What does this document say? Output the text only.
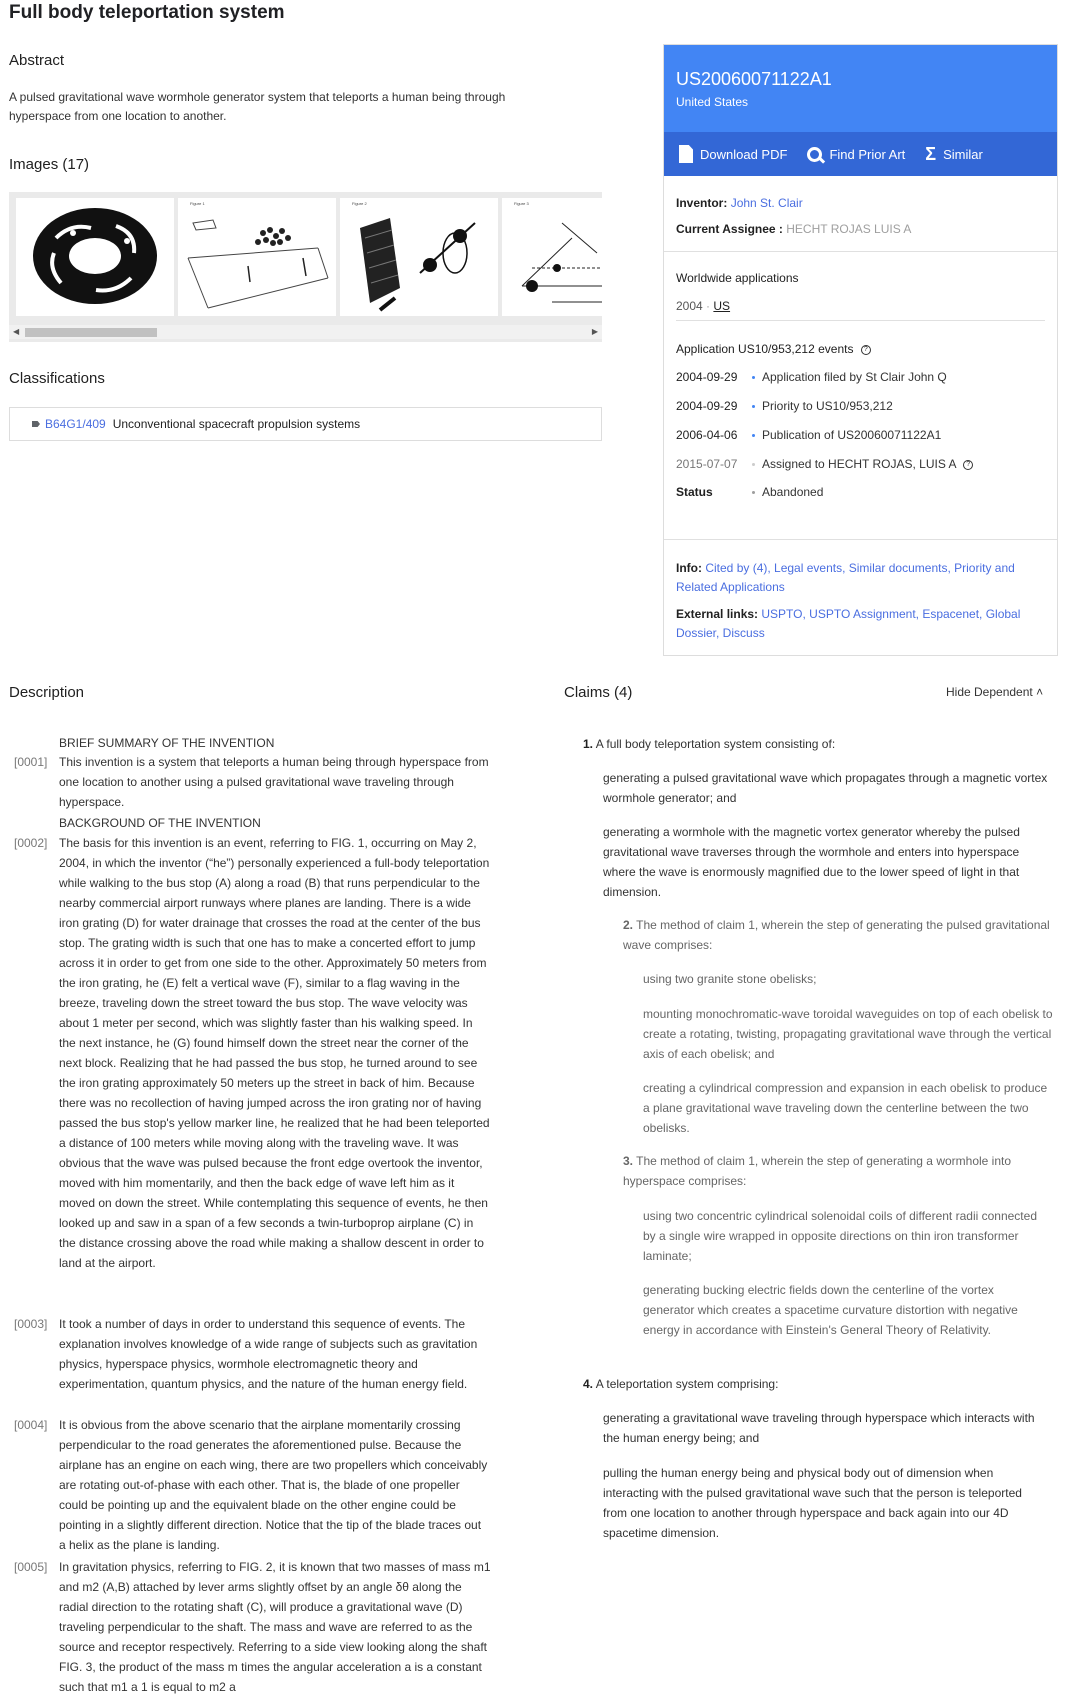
Full body teleportation system
Abstract
A pulsed gravitational wave wormhole generator system that teleports a human being through hyperspace from one location to another.
Images (17)
Figure 1	Figure 2	Figure 3
◀	▶
Classifications
B64G1/409 Unconventional spacecraft propulsion systems
US20060071122A1
United States
Download PDF	Find Prior Art Σ Similar
Inventor: John St. Clair
Current Assignee : HECHT ROJAS LUIS A
Worldwide applications
2004 · US
Application US10/953,212 events ?
2004-09-29 Application filed by St Clair John Q
2004-09-29 Priority to US10/953,212
2006-04-06 Publication of US20060071122A1
2015-07-07 Assigned to HECHT ROJAS, LUIS A ?
Status	Abandoned
Info: Cited by (4), Legal events, Similar documents, Priority and
Related Applications
External links: USPTO, USPTO Assignment, Espacenet, Global
Dossier, Discuss
Description
BRIEF SUMMARY OF THE INVENTION
[0001] This invention is a system that teleports a human being through hyperspace from one location to another using a pulsed gravitational wave traveling through hyperspace.
BACKGROUND OF THE INVENTION
[0002] The basis for this invention is an event, referring to FIG. 1, occurring on May 2, 2004, in which the inventor (“he”) personally experienced a full-body teleportation while walking to the bus stop (A) along a road (B) that runs perpendicular to the nearby commercial airport runways where planes are landing. There is a wide iron grating (D) for water drainage that crosses the road at the center of the bus stop. The grating width is such that one has to make a concerted effort to jump across it in order to get from one side to the other. Approximately 50 meters from the iron grating, he (E) felt a vertical wave (F), similar to a flag waving in the breeze, traveling down the street toward the bus stop. The wave velocity was about 1 meter per second, which was slightly faster than his walking speed. In the next instance, he (G) found himself down the street near the corner of the next block. Realizing that he had passed the bus stop, he turned around to see the iron grating approximately 50 meters up the street in back of him. Because there was no recollection of having jumped across the iron grating nor of having passed the bus stop's yellow marker line, he realized that he had been teleported a distance of 100 meters while moving along with the traveling wave. It was obvious that the wave was pulsed because the front edge overtook the inventor, moved with him momentarily, and then the back edge of wave left him as it moved on down the street. While contemplating this sequence of events, he then looked up and saw in a span of a few seconds a twin-turboprop airplane (C) in the distance crossing above the road while making a shallow descent in order to land at the airport.
[0003] It took a number of days in order to understand this sequence of events. The explanation involves knowledge of a wide range of subjects such as gravitation physics, hyperspace physics, wormhole electromagnetic theory and experimentation, quantum physics, and the nature of the human energy field.
[0004] It is obvious from the above scenario that the airplane momentarily crossing perpendicular to the road generates the aforementioned pulse. Because the airplane has an engine on each wing, there are two propellers which conceivably are rotating out-of-phase with each other. That is, the blade of one propeller could be pointing up and the equivalent blade on the other engine could be pointing in a slightly different direction. Notice that the tip of the blade traces out a helix as the plane is landing.
[0005] In gravitation physics, referring to FIG. 2, it is known that two masses of mass m1 and m2 (A,B) attached by lever arms slightly offset by an angle δθ along the radial direction to the rotating shaft (C), will produce a gravitational wave (D) traveling perpendicular to the shaft. The mass and wave are referred to as the source and receptor respectively. Referring to a side view looking along the shaft FIG. 3, the product of the mass m times the angular acceleration a is a constant such that m1 a 1 is equal to m2 a
Claims (4)	Hide Dependent ˄
1. A full body teleportation system consisting of:
generating a pulsed gravitational wave which propagates through a magnetic vortex wormhole generator; and
generating a wormhole with the magnetic vortex generator whereby the pulsed gravitational wave traverses through the wormhole and enters into hyperspace where the wave is enormously magnified due to the lower speed of light in that dimension.
2. The method of claim 1, wherein the step of generating the pulsed gravitational wave comprises:
using two granite stone obelisks;
mounting monochromatic-wave toroidal waveguides on top of each obelisk to create a rotating, twisting, propagating gravitational wave through the vertical axis of each obelisk; and
creating a cylindrical compression and expansion in each obelisk to produce a plane gravitational wave traveling down the centerline between the two obelisks.
3. The method of claim 1, wherein the step of generating a wormhole into hyperspace comprises:
using two concentric cylindrical solenoidal coils of different radii connected by a single wire wrapped in opposite directions on thin iron transformer laminate;
generating bucking electric fields down the centerline of the vortex generator which creates a spacetime curvature distortion with negative energy in accordance with Einstein's General Theory of Relativity.
4. A teleportation system comprising:
generating a gravitational wave traveling through hyperspace which interacts with the human energy being; and
pulling the human energy being and physical body out of dimension when interacting with the pulsed gravitational wave such that the person is teleported from one location to another through hyperspace and back again into our 4D spacetime dimension.
